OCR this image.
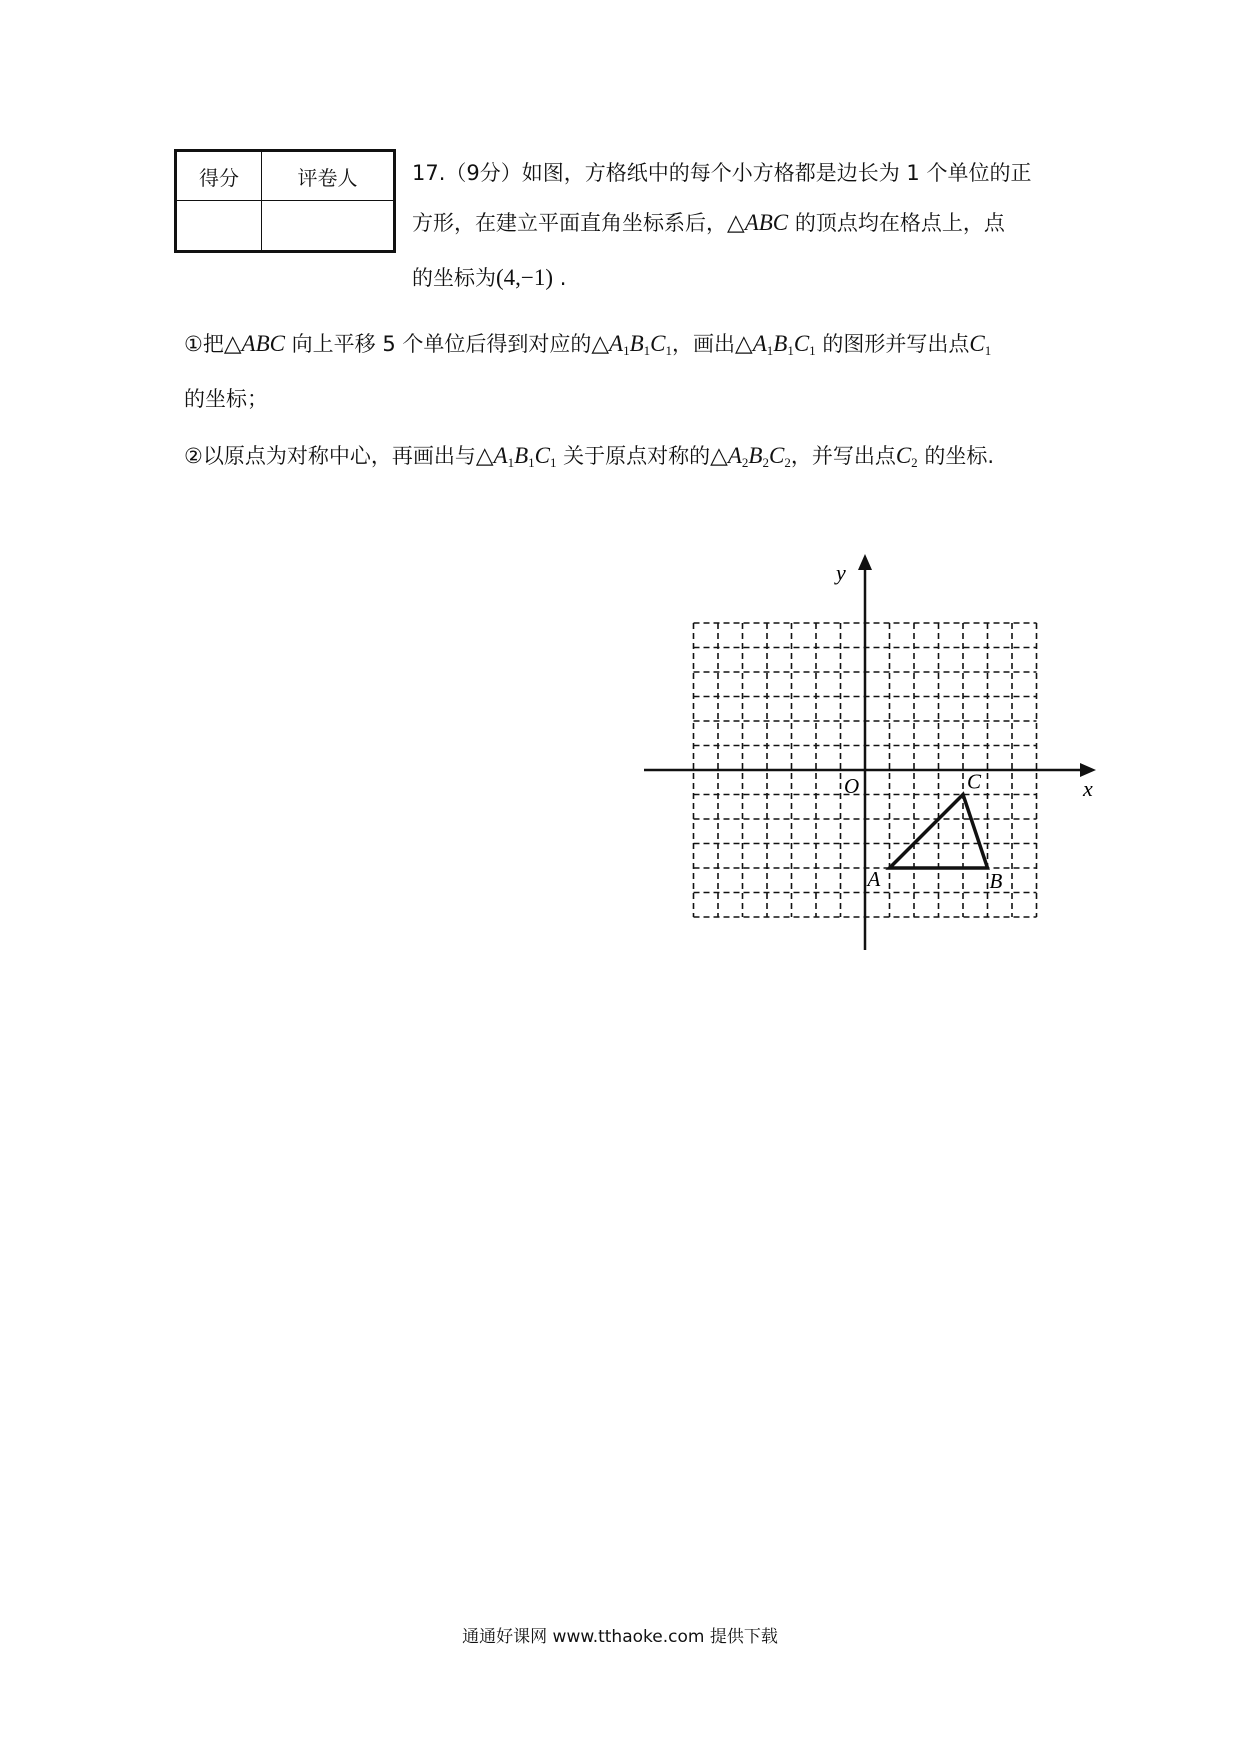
得分	评卷人
		17.（9分）如图，方格纸中的每个小方格都是边长为 1 个单位的正
方形，在建立平面直角坐标系后，△ABC 的顶点均在格点上，点
的坐标为(4,−1) .
①把△ABC 向上平移 5 个单位后得到对应的$\triangle A_1B_1C_1$，画出$\triangle A_1B_1C_1$ 的图形并写出点$C_1$
的坐标；
②以原点为对称中心，再画出与$\triangle A_1B_1C_1$ 关于原点对称的$\triangle A_2B_2C_2$，并写出点$C_2$ 的坐标.
x
y
O
A	B
C
通通好课网 www.tthaoke.com 提供下载
